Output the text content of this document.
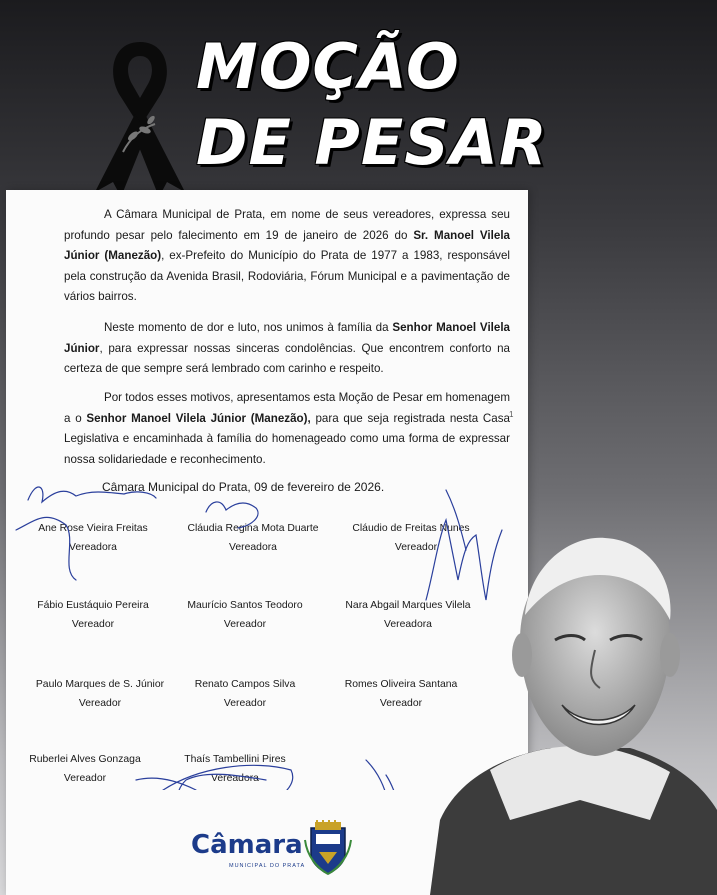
MOÇÃO
DE PESAR
A Câmara Municipal de Prata, em nome de seus vereadores, expressa seu profundo pesar pelo falecimento em 19 de janeiro de 2026 do Sr. Manoel Vilela Júnior (Manezão), ex-Prefeito do Município do Prata de 1977 a 1983, responsável pela construção da Avenida Brasil, Rodoviária, Fórum Municipal e a pavimentação de vários bairros.
Neste momento de dor e luto, nos unimos à família da Senhor Manoel Vilela Júnior, para expressar nossas sinceras condolências. Que encontrem conforto na certeza de que sempre será lembrado com carinho e respeito.
Por todos esses motivos, apresentamos esta Moção de Pesar em homenagem a o Senhor Manoel Vilela Júnior (Manezão), para que seja registrada nesta Casa Legislativa e encaminhada à família do homenageado como uma forma de expressar nossa solidariedade e reconhecimento.
1
Câmara Municipal do Prata, 09 de fevereiro de 2026.
Ane Rose Vieira Freitas
Vereadora
Cláudia Regina Mota Duarte
Vereadora
Cláudio de Freitas Nunes
Vereador
Fábio Eustáquio Pereira
Vereador
Maurício Santos Teodoro
Vereador
Nara Abgail Marques Vilela
Vereadora
Paulo Marques de S. Júnior
Vereador
Renato Campos Silva
Vereador
Romes Oliveira Santana
Vereador
Ruberlei Alves Gonzaga
Vereador
Thaís Tambellini Pires
Vereadora
Câmara
MUNICIPAL DO PRATA
